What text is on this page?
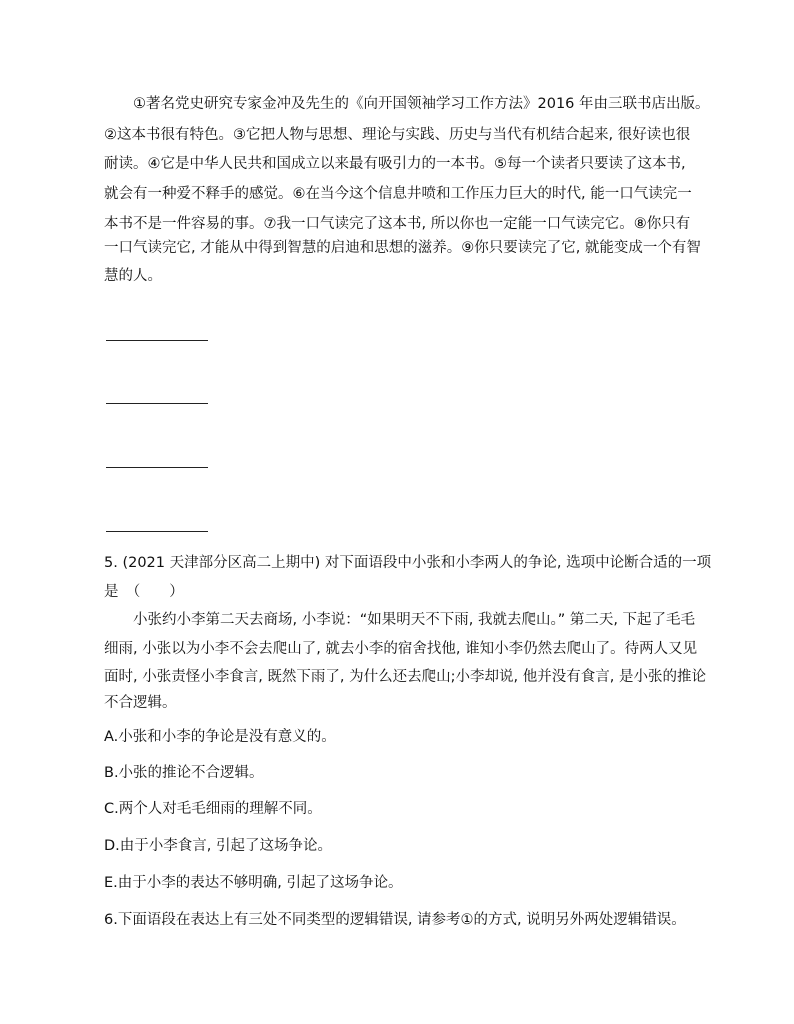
①著名党史研究专家金冲及先生的《向开国领袖学习工作方法》2016 年由三联书店出版。
②这本书很有特色。③它把人物与思想、理论与实践、历史与当代有机结合起来, 很好读也很
耐读。④它是中华人民共和国成立以来最有吸引力的一本书。⑤每一个读者只要读了这本书,
就会有一种爱不释手的感觉。⑥在当今这个信息井喷和工作压力巨大的时代, 能一口气读完一
本书不是一件容易的事。⑦我一口气读完了这本书, 所以你也一定能一口气读完它。⑧你只有
一口气读完它, 才能从中得到智慧的启迪和思想的滋养。⑨你只要读完了它, 就能变成一个有智
慧的人。
5. (2021 天津部分区高二上期中) 对下面语段中小张和小李两人的争论, 选项中论断合适的一项
是　（　　）
小张约小李第二天去商场, 小李说：“如果明天不下雨, 我就去爬山。” 第二天, 下起了毛毛
细雨, 小张以为小李不会去爬山了, 就去小李的宿舍找他, 谁知小李仍然去爬山了。待两人又见
面时, 小张责怪小李食言, 既然下雨了, 为什么还去爬山;小李却说, 他并没有食言, 是小张的推论
不合逻辑。
A.小张和小李的争论是没有意义的。
B.小张的推论不合逻辑。
C.两个人对毛毛细雨的理解不同。
D.由于小李食言, 引起了这场争论。
E.由于小李的表达不够明确, 引起了这场争论。
6.下面语段在表达上有三处不同类型的逻辑错误, 请参考①的方式, 说明另外两处逻辑错误。
